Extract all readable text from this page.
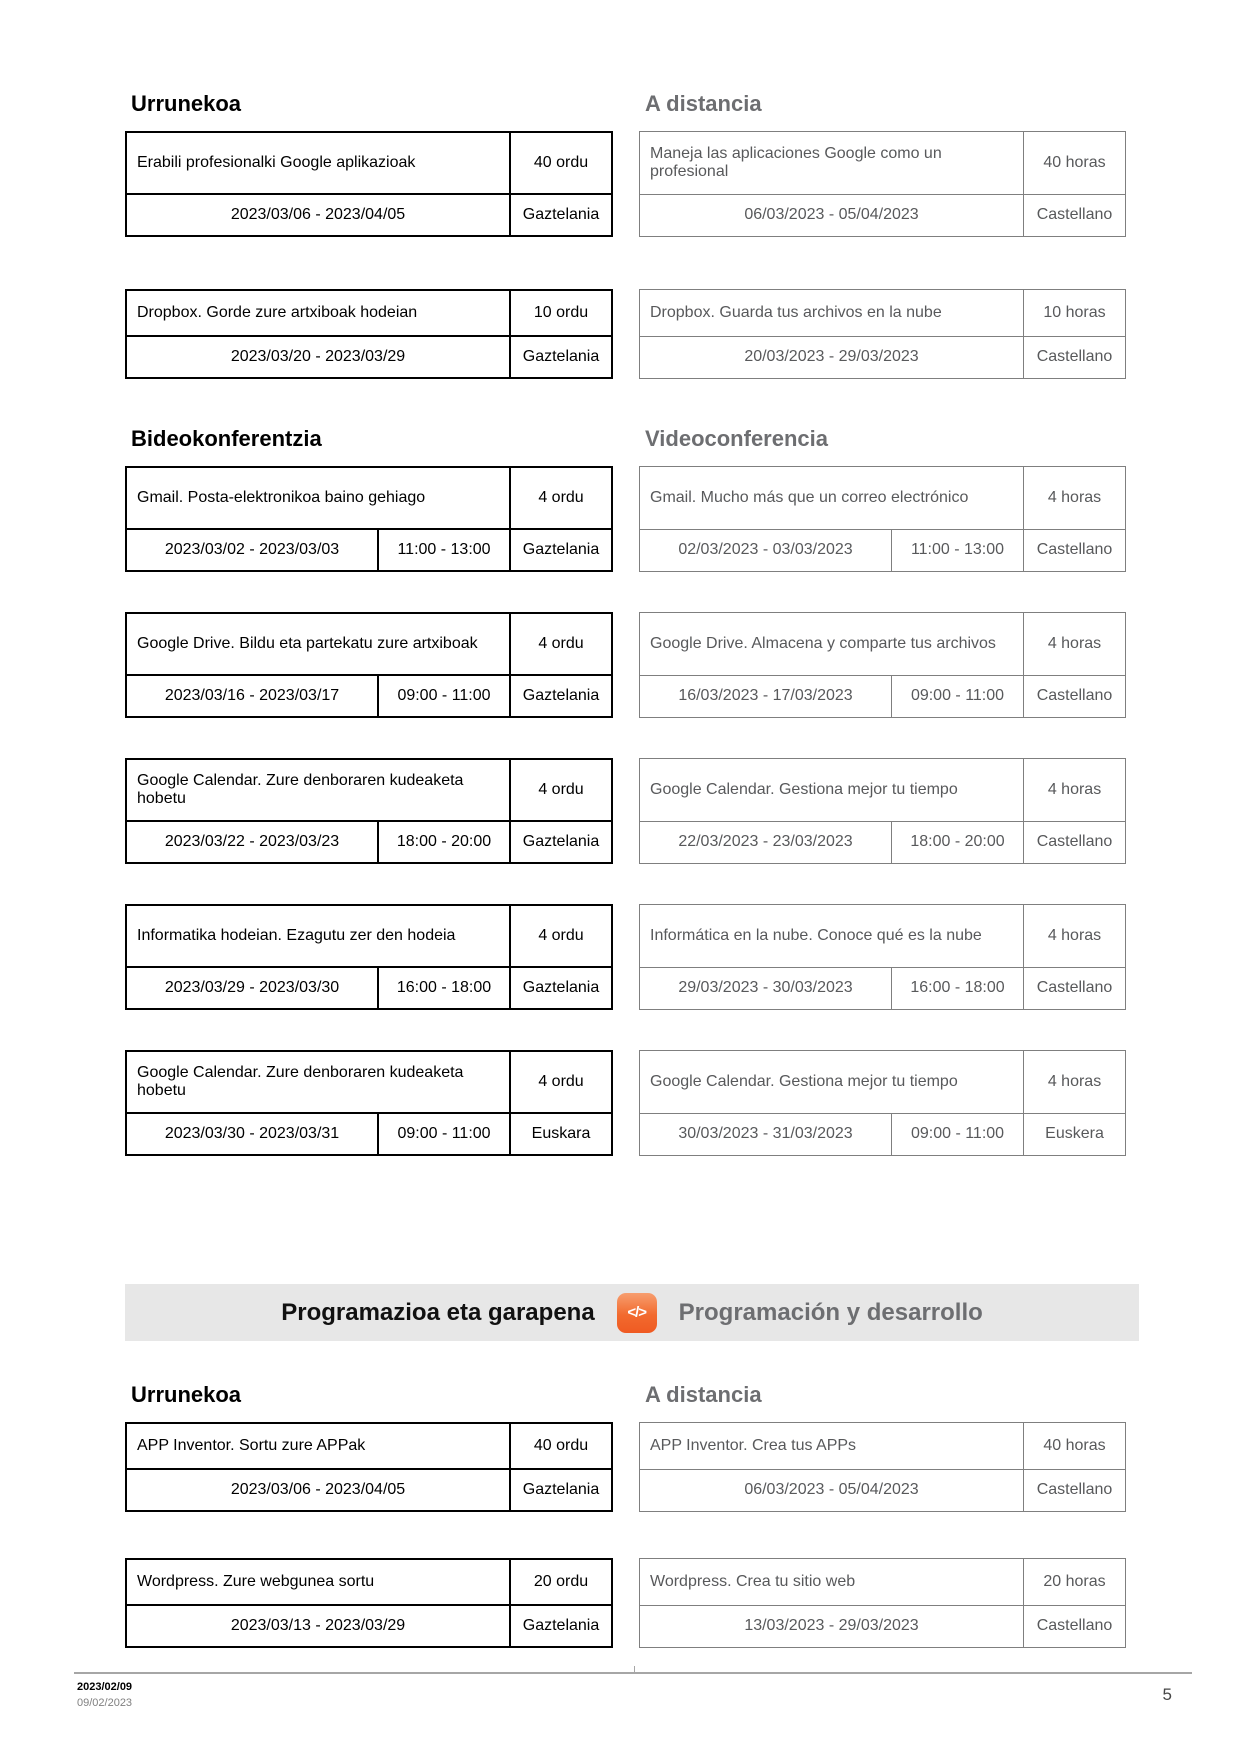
Urrunekoa	A distancia
Erabili profesionalki Google aplikazioak	40 ordu
2023/03/06 - 2023/04/05	Gaztelania
Maneja las aplicaciones Google como un profesional	40 horas
06/03/2023 - 05/04/2023	Castellano
Dropbox. Gorde zure artxiboak hodeian	10 ordu
2023/03/20 - 2023/03/29	Gaztelania
Dropbox. Guarda tus archivos en la nube	10 horas
20/03/2023 - 29/03/2023	Castellano
Bideokonferentzia	Videoconferencia
Gmail. Posta-elektronikoa baino gehiago		4 ordu
2023/03/02 - 2023/03/03	11:00 - 13:00	Gaztelania
Gmail. Mucho más que un correo electrónico		4 horas
02/03/2023 - 03/03/2023	11:00 - 13:00	Castellano
Google Drive. Bildu eta partekatu zure artxiboak		4 ordu
2023/03/16 - 2023/03/17	09:00 - 11:00	Gaztelania
Google Drive. Almacena y comparte tus archivos		4 horas
16/03/2023 - 17/03/2023	09:00 - 11:00	Castellano
Google Calendar. Zure denboraren kudeaketa hobetu		4 ordu
2023/03/22 - 2023/03/23	18:00 - 20:00	Gaztelania
Google Calendar. Gestiona mejor tu tiempo		4 horas
22/03/2023 - 23/03/2023	18:00 - 20:00	Castellano
Informatika hodeian. Ezagutu zer den hodeia		4 ordu
2023/03/29 - 2023/03/30	16:00 - 18:00	Gaztelania
Informática en la nube. Conoce qué es la nube		4 horas
29/03/2023 - 30/03/2023	16:00 - 18:00	Castellano
Google Calendar. Zure denboraren kudeaketa hobetu		4 ordu
2023/03/30 - 2023/03/31	09:00 - 11:00	Euskara
Google Calendar. Gestiona mejor tu tiempo		4 horas
30/03/2023 - 31/03/2023	09:00 - 11:00	Euskera
Programazioa eta garapena </> Programación y desarrollo
Urrunekoa	A distancia
APP Inventor. Sortu zure APPak	40 ordu
2023/03/06 - 2023/04/05	Gaztelania
APP Inventor. Crea tus APPs	40 horas
06/03/2023 - 05/04/2023	Castellano
Wordpress. Zure webgunea sortu	20 ordu
2023/03/13 - 2023/03/29	Gaztelania
Wordpress. Crea tu sitio web	20 horas
13/03/2023 - 29/03/2023	Castellano
2023/02/09
09/02/2023	5
